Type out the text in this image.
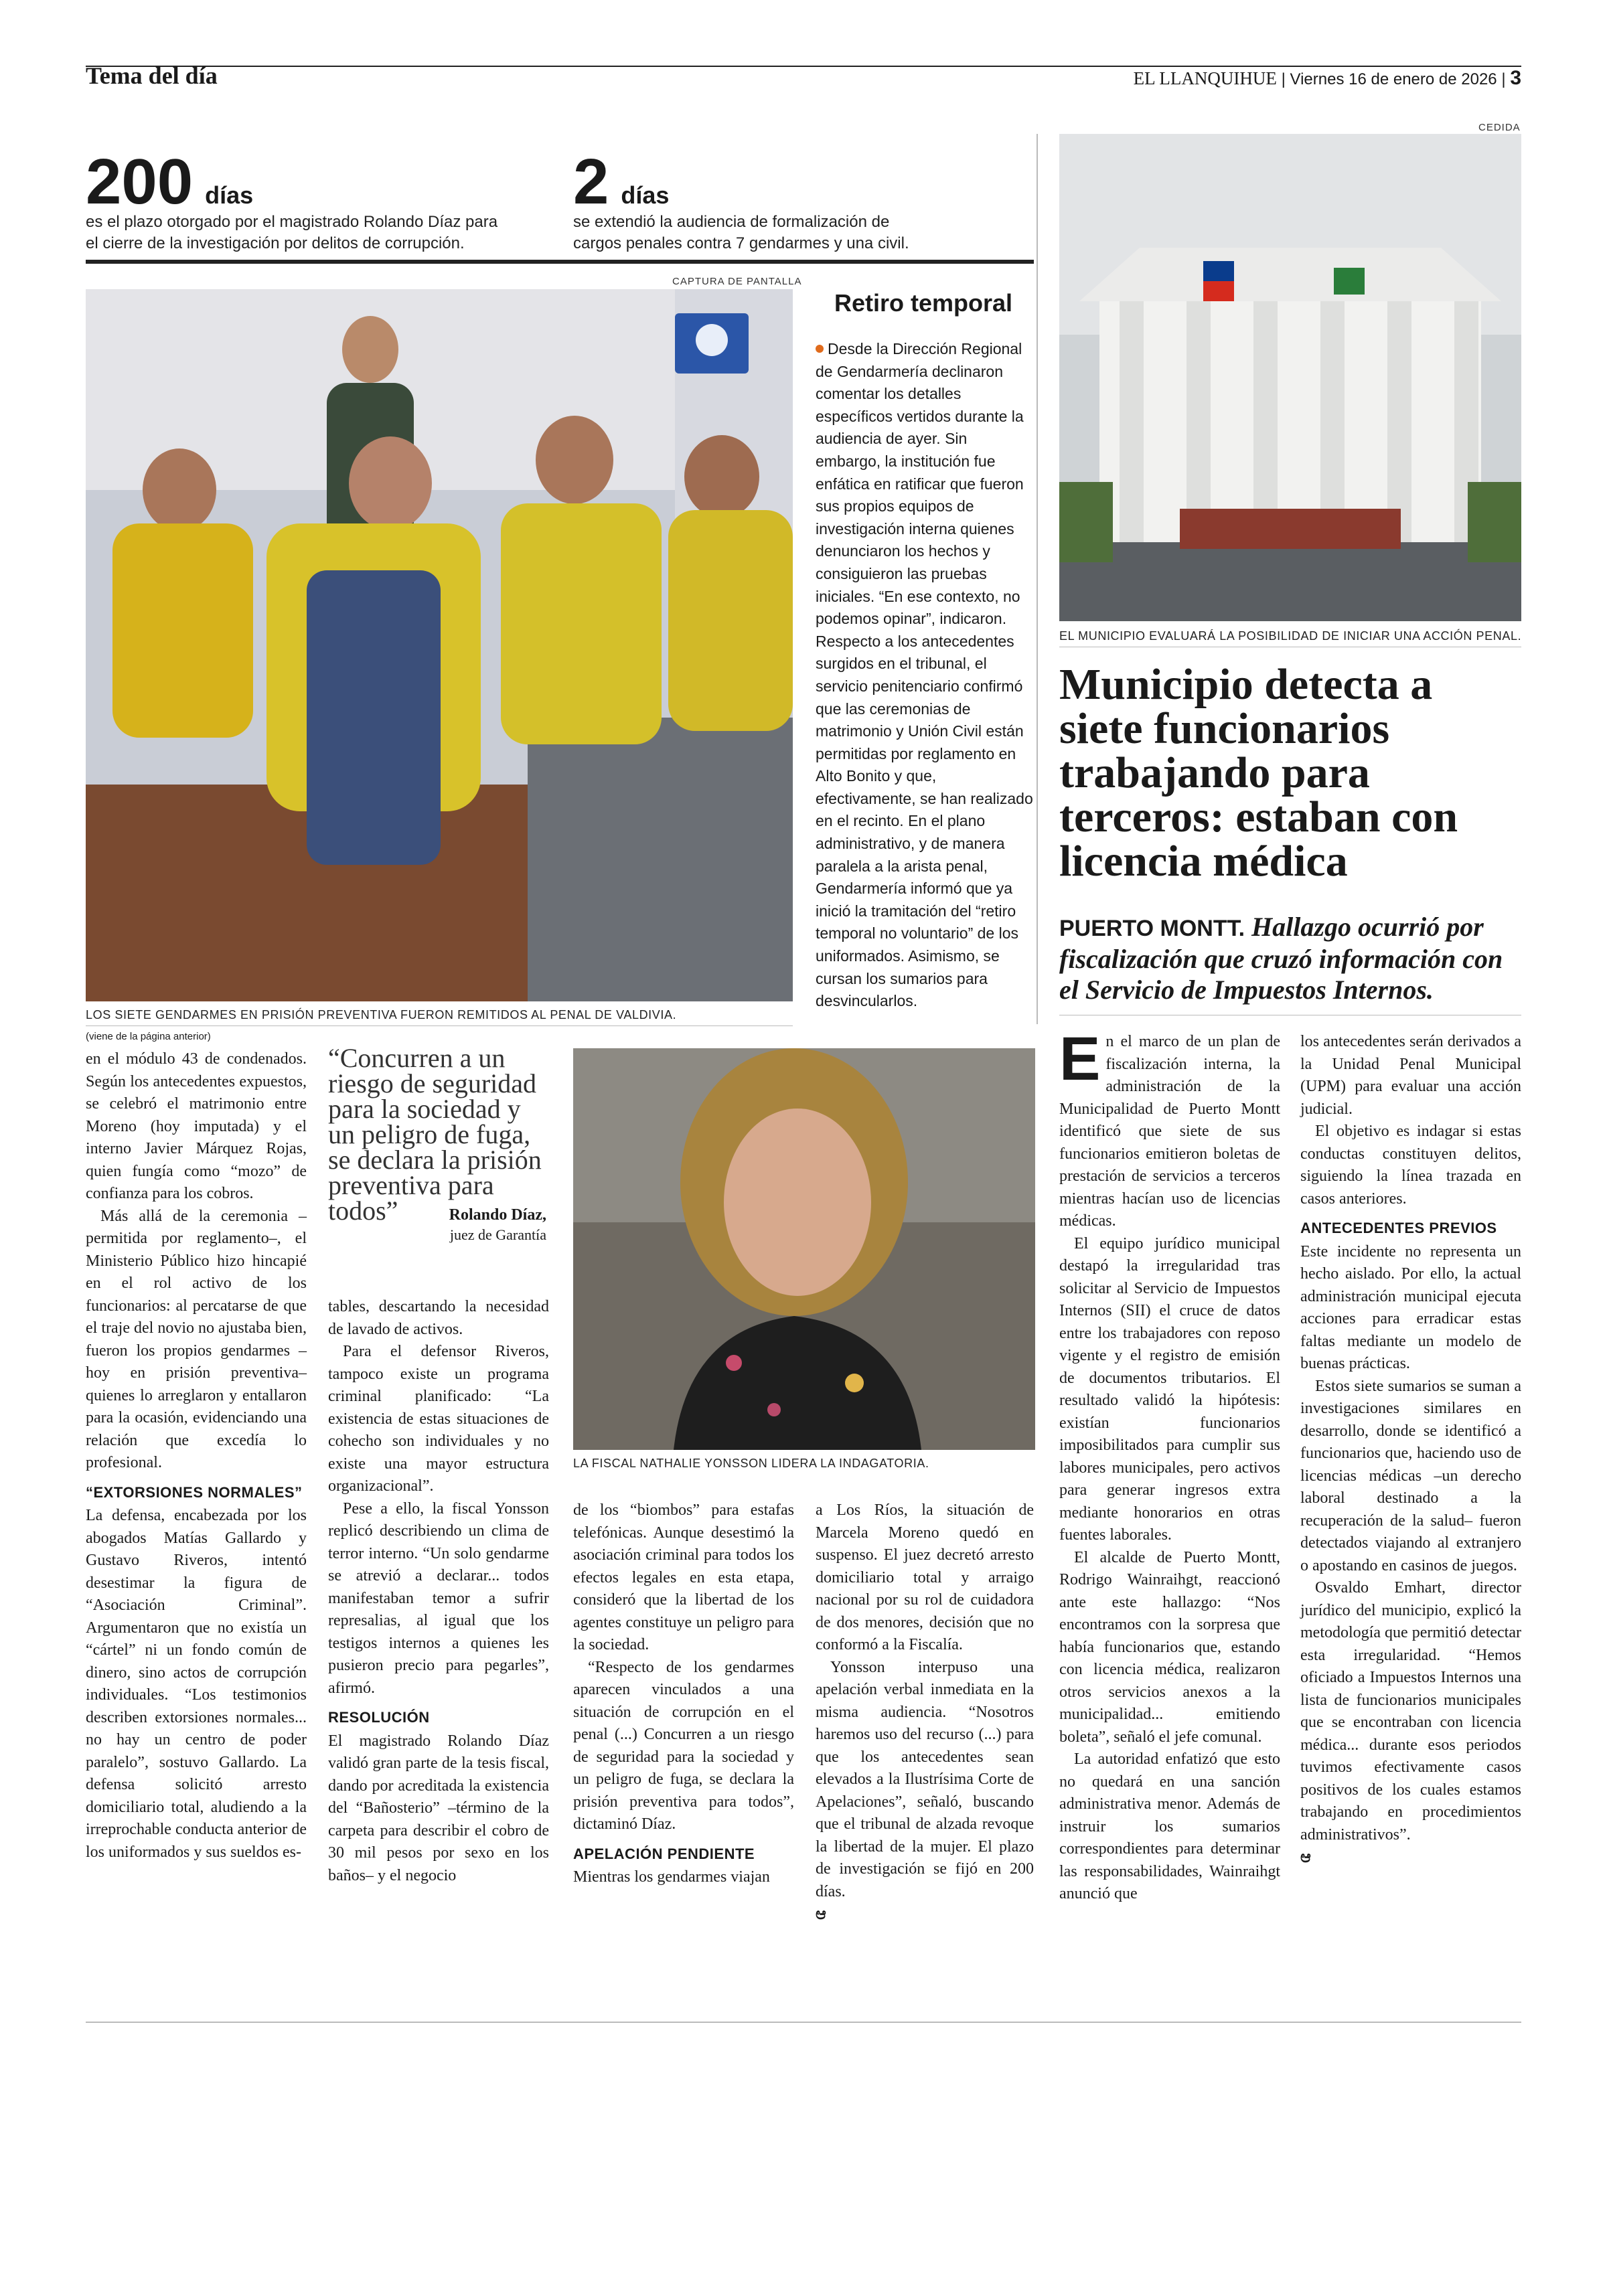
Tema del día	EL LLANQUIHUE | Viernes 16 de enero de 2026 | 3
200 días
es el plazo otorgado por el magistrado Rolando Díaz para
el cierre de la investigación por delitos de corrupción.
2 días
se extendió la audiencia de formalización de
cargos penales contra 7 gendarmes y una civil.
CAPTURA DE PANTALLA
LOS SIETE GENDARMES EN PRISIÓN PREVENTIVA FUERON REMITIDOS AL PENAL DE VALDIVIA.
Retiro temporal
Desde la Dirección Regional de Gendarmería declinaron comentar los detalles específicos vertidos durante la audiencia de ayer. Sin embargo, la institución fue enfática en ratificar que fueron sus propios equipos de investigación interna quienes denunciaron los hechos y consiguieron las pruebas iniciales. “En ese contexto, no podemos opinar”, indicaron. Respecto a los antecedentes surgidos en el tribunal, el servicio penitenciario confirmó que las ceremonias de matrimonio y Unión Civil están permitidas por reglamento en Alto Bonito y que, efectivamente, se han realizado en el recinto. En el plano administrativo, y de manera paralela a la arista penal, Gendarmería informó que ya inició la tramitación del “retiro temporal no voluntario” de los uniformados. Asimismo, se cursan los sumarios para desvincularlos.
(viene de la página anterior)

en el módulo 43 de condenados. Según los antecedentes expuestos, se celebró el matrimonio entre Moreno (hoy imputada) y el interno Javier Márquez Rojas, quien fungía como “mozo” de confianza para los cobros.

Más allá de la ceremonia –permitida por reglamento–, el Ministerio Público hizo hincapié en el rol activo de los funcionarios: al percatarse de que el traje del novio no ajustaba bien, fueron los propios gendarmes –hoy en prisión preventiva– quienes lo arreglaron y entallaron para la ocasión, evidenciando una relación que excedía lo profesional.

“EXTORSIONES NORMALES”

La defensa, encabezada por los abogados Matías Gallardo y Gustavo Riveros, intentó desestimar la figura de “Asociación Criminal”. Argumentaron que no existía un “cártel” ni un fondo común de dinero, sino actos de corrupción individuales. “Los testimonios describen extorsiones normales... no hay un centro de poder paralelo”, sostuvo Gallardo. La defensa solicitó arresto domiciliario total, aludiendo a la irreprochable conducta anterior de los uniformados y sus sueldos es-

“Concurren a un riesgo de seguridad para la sociedad y un peligro de fuga, se declara la prisión preventiva para todos”	Rolando Díaz,
juez de Garantía

tables, descartando la necesidad de lavado de activos.

Para el defensor Riveros, tampoco existe un programa criminal planificado: “La existencia de estas situaciones de cohecho son individuales y no existe una mayor estructura organizacional”.

Pese a ello, la fiscal Yonsson replicó describiendo un clima de terror interno. “Un solo gendarme se atrevió a declarar... todos manifestaban temor a sufrir represalias, al igual que los testigos internos a quienes les pusieron precio para pegarles”, afirmó.

RESOLUCIÓN

El magistrado Rolando Díaz validó gran parte de la tesis fiscal, dando por acreditada la existencia del “Bañosterio” –término de la carpeta para describir el cobro de 30 mil pesos por sexo en los baños– y el negocio

LA FISCAL NATHALIE YONSSON LIDERA LA INDAGATORIA.

de los “biombos” para estafas telefónicas. Aunque desestimó la asociación criminal para todos los efectos legales en esta etapa, consideró que la libertad de los agentes constituye un peligro para la sociedad.

“Respecto de los gendarmes aparecen vinculados a una situación de corrupción en el penal (...) Concurren a un riesgo de seguridad para la sociedad y un peligro de fuga, se declara la prisión preventiva para todos”, dictaminó Díaz.

APELACIÓN PENDIENTE

Mientras los gendarmes viajan

a Los Ríos, la situación de Marcela Moreno quedó en suspenso. El juez decretó arresto domiciliario total y arraigo nacional por su rol de cuidadora de dos menores, decisión que no conformó a la Fiscalía.

Yonsson interpuso una apelación verbal inmediata en la misma audiencia. “Nosotros haremos uso del recurso (...) para que los antecedentes sean elevados a la Ilustrísima Corte de Apelaciones”, señaló, buscando que el tribunal de alzada revoque la libertad de la mujer. El plazo de investigación se fijó en 200 días.

ಆ
CEDIDA
EL MUNICIPIO EVALUARÁ LA POSIBILIDAD DE INICIAR UNA ACCIÓN PENAL.
Municipio detecta a siete funcionarios trabajando para terceros: estaban con licencia médica
PUERTO MONTT. Hallazgo ocurrió por fiscalización que cruzó información con el Servicio de Impuestos Internos.

En el marco de un plan de fiscalización interna, la administración de la Municipalidad de Puerto Montt identificó que siete de sus funcionarios emitieron boletas de prestación de servicios a terceros mientras hacían uso de licencias médicas.

El equipo jurídico municipal destapó la irregularidad tras solicitar al Servicio de Impuestos Internos (SII) el cruce de datos entre los trabajadores con reposo vigente y el registro de emisión de documentos tributarios. El resultado validó la hipótesis: existían funcionarios imposibilitados para cumplir sus labores municipales, pero activos para generar ingresos extra mediante honorarios en otras fuentes laborales.

El alcalde de Puerto Montt, Rodrigo Wainraihgt, reaccionó ante este hallazgo: “Nos encontramos con la sorpresa que había funcionarios que, estando con licencia médica, realizaron otros servicios anexos a la municipalidad... emitiendo boleta”, señaló el jefe comunal.

La autoridad enfatizó que esto no quedará en una sanción administrativa menor. Además de instruir los sumarios correspondientes para determinar las responsabilidades, Wainraihgt anunció que

los antecedentes serán derivados a la Unidad Penal Municipal (UPM) para evaluar una acción judicial.

El objetivo es indagar si estas conductas constituyen delitos, siguiendo la línea trazada en casos anteriores.

ANTECEDENTES PREVIOS

Este incidente no representa un hecho aislado. Por ello, la actual administración municipal ejecuta acciones para erradicar estas faltas mediante un modelo de buenas prácticas.

Estos siete sumarios se suman a investigaciones similares en desarrollo, donde se identificó a funcionarios que, haciendo uso de licencias médicas –un derecho laboral destinado a la recuperación de la salud– fueron detectados viajando al extranjero o apostando en casinos de juegos.

Osvaldo Emhart, director jurídico del municipio, explicó la metodología que permitió detectar esta irregularidad. “Hemos oficiado a Impuestos Internos una lista de funcionarios municipales que se encontraban con licencia médica... durante esos periodos tuvimos efectivamente casos positivos de los cuales estamos trabajando en procedimientos administrativos”.

ಆ
